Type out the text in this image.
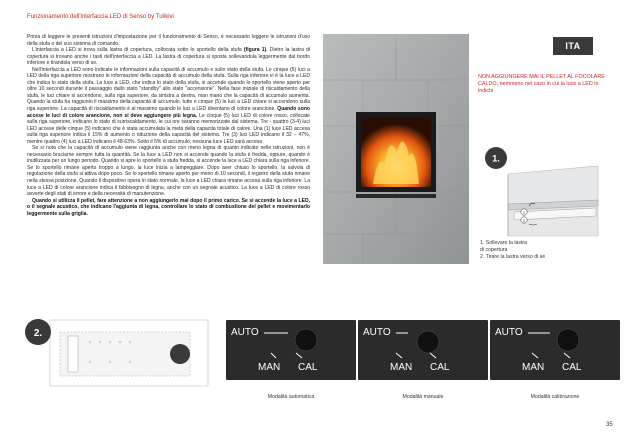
Funzionamento dell'interfaccia LED di Senso by Tulikivi

Prima di leggere le presenti istruzioni d'impostazione per il funzionamento di Senso, è necessario leggere le istruzioni d'uso della stufa e del suo sistema di comando.

L'interfaccia a LED si trova sulla lastra di copertura, collocata sotto lo sportello della stufa (figura 1). Dietro la lastra di copertura si trovano anche i tasti dell'interfaccia a LED. La lastra di copertura si sposta sollevandola leggermente dal bordo inferiore e tirandola verso di se.

Nell'interfaccia a LED sono indicate le informazioni sulla capacità di accumulo e sullo stato della stufa. Le cinque (5) luci a LED della riga superiore mostrano le informazioni della capacità di accumulo della stufa. Sulla riga inferiore vi è la luce a LED che indica lo stato della stufa. La luce a LED, che indica lo stato della stufa, si accende quando lo sportello viene aperto per oltre 10 secondi durante il passaggio dallo stato "standby" allo stato "accensione". Nella fase iniziale di riscaldamento della stufa, le luci chiare si accendono, sulla riga superiore, da sinistra a destra, man mano che la capacità di accumulo aumenta. Quando la stufa ha raggiunto il massimo della capacità di accumulo, tutte e cinque (5) le luci a LED chiare si accendono sulla riga superiore. La capacità di riscaldamento è al massimo quando le luci a LED diventano di colore arancione. Quando sono accese le luci di colore arancione, non si deve aggiungere più legna. Le cinque (5) luci LED di colore rosso, collocate sulla riga superiore, indicano lo stato di surriscaldamento, le cui ore saranno memorizzate dal sistema. Tre - quattro (3-4) luci LED accese delle cinque (5) indicano che è stata accumulata la metà della capacità totale di calore. Una (1) luce LED accesa sulla riga superiore indica il 15% di aumento o riduzione della capacità del sistema. Tre (3) luci LED indicano il 32 – 47%, mentre quattro (4) luci a LED indicano il 48-63%. Sotto il 5% di accumulo, nessuna luce LED sarà accesa

Se si nota che la capacità di accumulo viene raggiunta anche con meno legna di quanto indicato nelle istruzioni, non è necessario bruciarne sempre tutta la quantità. Se la luce a LED non si accende quando la stufa è fredda, oppure, quando è inutilizzata per un lungo periodo. Quando si apre lo sportello a stufa fredda, si accende la luce a LED chiara sulla riga inferiore. Se lo sportello rimane aperto troppo a lungo, la luce inizia a lampeggiare. Dopo aver chiuso lo sportello, la valvola di regolazione della stufa si attiva dopo poco. Se lo sportello rimane aperto per meno di 10 secondi, il registro della stufa rimane nella stessa posizione. Quando il dispositivo opera in stato normale, la luce a LED chiara rimane accesa sulla riga inferiore. La luce a LED di colore arancione indica il fabbisogno di legna, anche con un segnale acustico. La luce a LED di colore rosso avverte degli stati di errore e della necessità di manutenzione.

Quando si utilizza il pellet, fare attenzione a non aggiungerlo mai dopo il primo carico. Se si accende la luce a LED, o il segnale acustico, che indicano l'aggiunta di legna, controllare lo stato di combustione del pellet e movimentarlo leggermente sulla griglia.

ITA
NON AGGIUNGERE MAI IL PELLET AL FOCOLARE CALDO, nemmeno nel caso in cui la luce a LED lo indichi
1.
1
2
1. Sollevare la lastra
di copertura
2. Tirare la lastra verso di sé
2.	AUTO
MAN CAL
AUTO
MAN CAL
AUTO
MAN CAL
Modalità automatica	Modalità manuale	Modalità calibrazione
35
